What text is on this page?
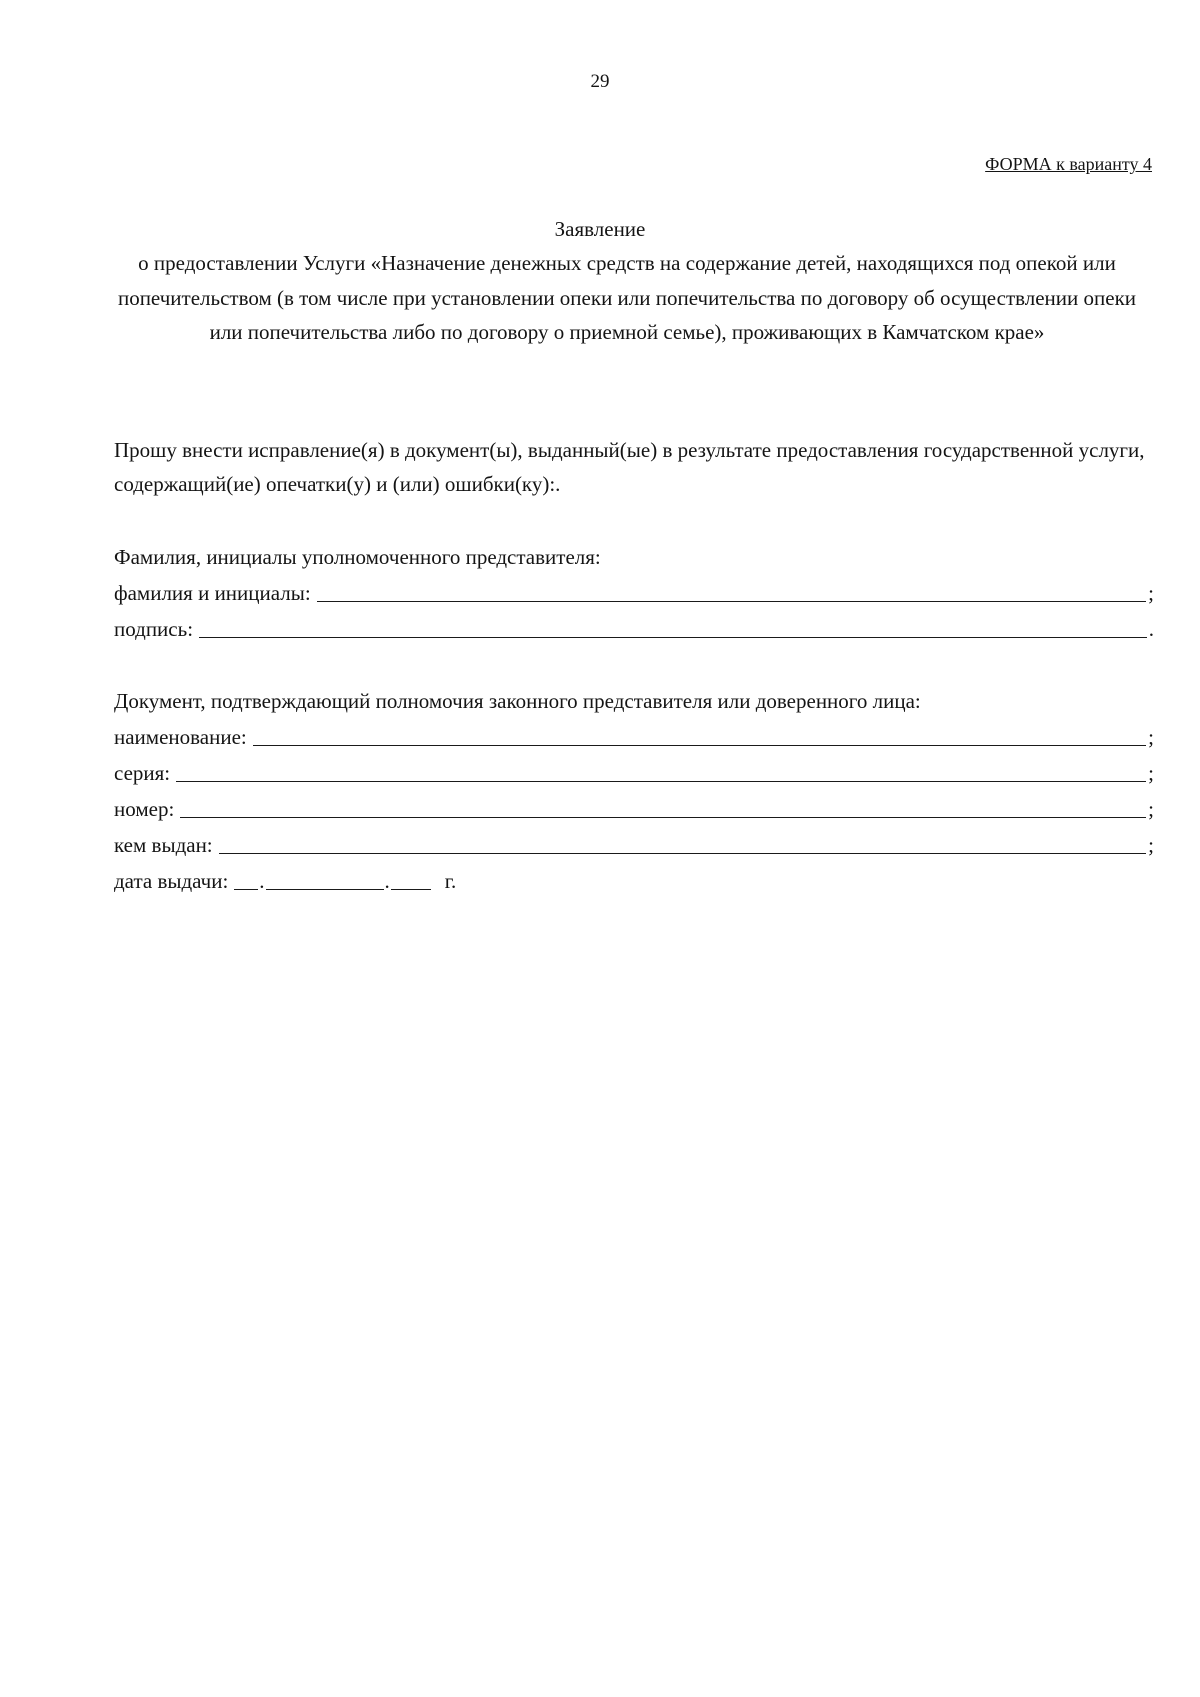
29
ФОРМА к варианту 4
Заявление
о предоставлении Услуги «Назначение денежных средств на содержание детей, находящихся под опекой или попечительством (в том числе при установлении опеки или попечительства по договору об осуществлении опеки или попечительства либо по договору о приемной семье), проживающих в Камчатском крае»
Прошу внести исправление(я) в документ(ы), выданный(ые) в результате предоставления государственной услуги, содержащий(ие) опечатки(у) и (или) ошибки(ку):.
Фамилия, инициалы уполномоченного представителя:
фамилия и инициалы:	;
подпись:	.
Документ, подтверждающий полномочия законного представителя или доверенного лица:
наименование:	;
серия:	;
номер:	;
кем выдан:	;
дата выдачи: .	.	г.
